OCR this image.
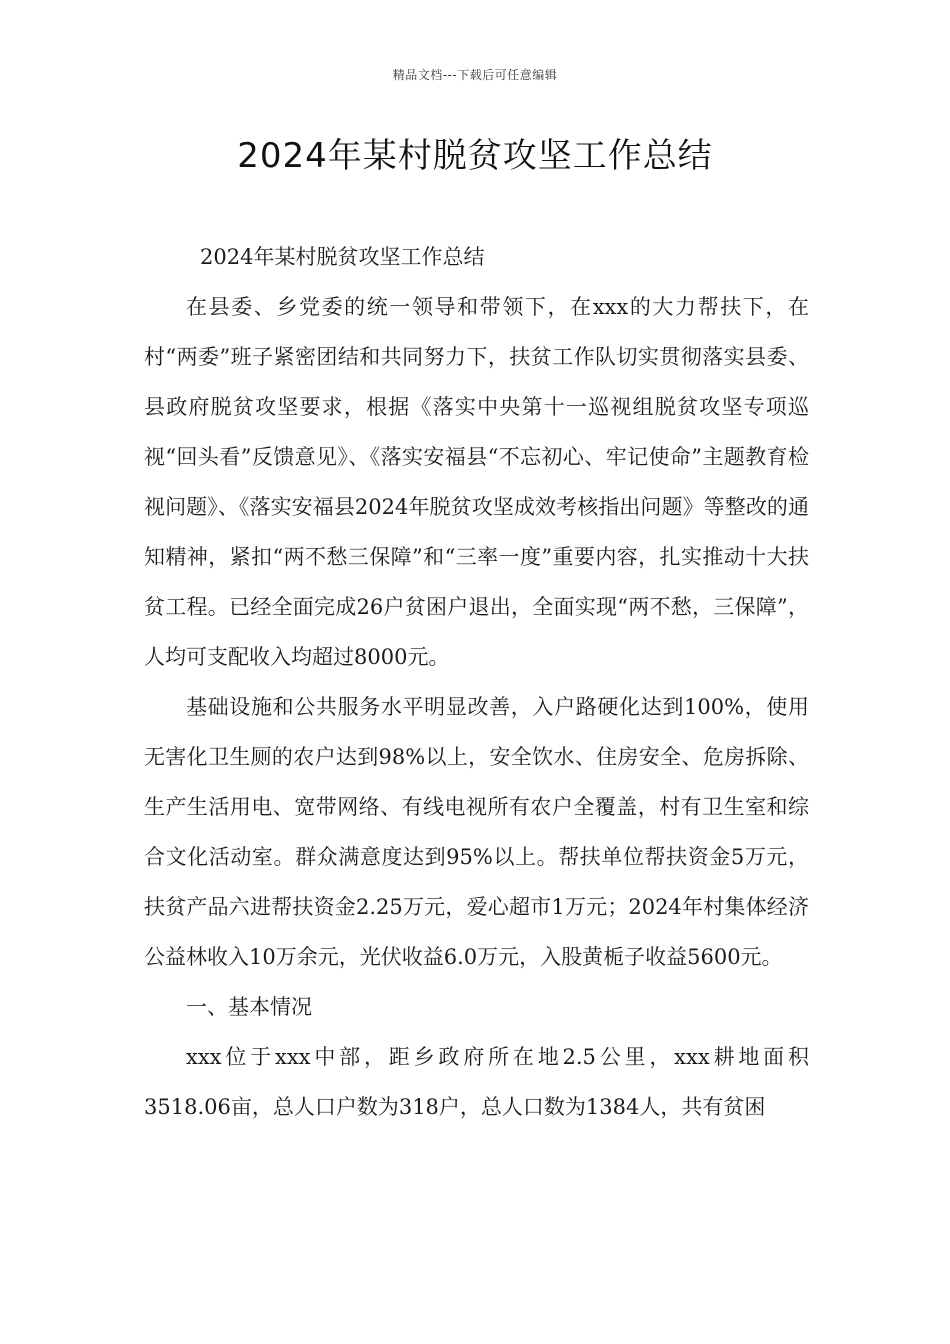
精品文档---下载后可任意编辑
2024年某村脱贫攻坚工作总结

2024年某村脱贫攻坚工作总结

在县委、乡党委的统一领导和带领下，在xxx的大力帮扶下，在村“两委”班子紧密团结和共同努力下，扶贫工作队切实贯彻落实县委、县政府脱贫攻坚要求，根据《落实中央第十一巡视组脱贫攻坚专项巡视“回头看”反馈意见》、《落实安福县“不忘初心、牢记使命”主题教育检视问题》、《落实安福县2024年脱贫攻坚成效考核指出问题》等整改的通知精神，紧扣“两不愁三保障”和“三率一度”重要内容，扎实推动十大扶贫工程。已经全面完成26户贫困户退出，全面实现“两不愁，三保障”，人均可支配收入均超过8000元。

基础设施和公共服务水平明显改善，入户路硬化达到100%，使用无害化卫生厕的农户达到98%以上，安全饮水、住房安全、危房拆除、生产生活用电、宽带网络、有线电视所有农户全覆盖，村有卫生室和综合文化活动室。群众满意度达到95%以上。帮扶单位帮扶资金5万元，扶贫产品六进帮扶资金2.25万元，爱心超市1万元；2024年村集体经济公益林收入10万余元，光伏收益6.0万元，入股黄栀子收益5600元。

一、基本情况

xxx位于xxx中部，距乡政府所在地2.5公里，xxx耕地面积3518.06亩，总人口户数为318户，总人口数为1384人，共有贫困
